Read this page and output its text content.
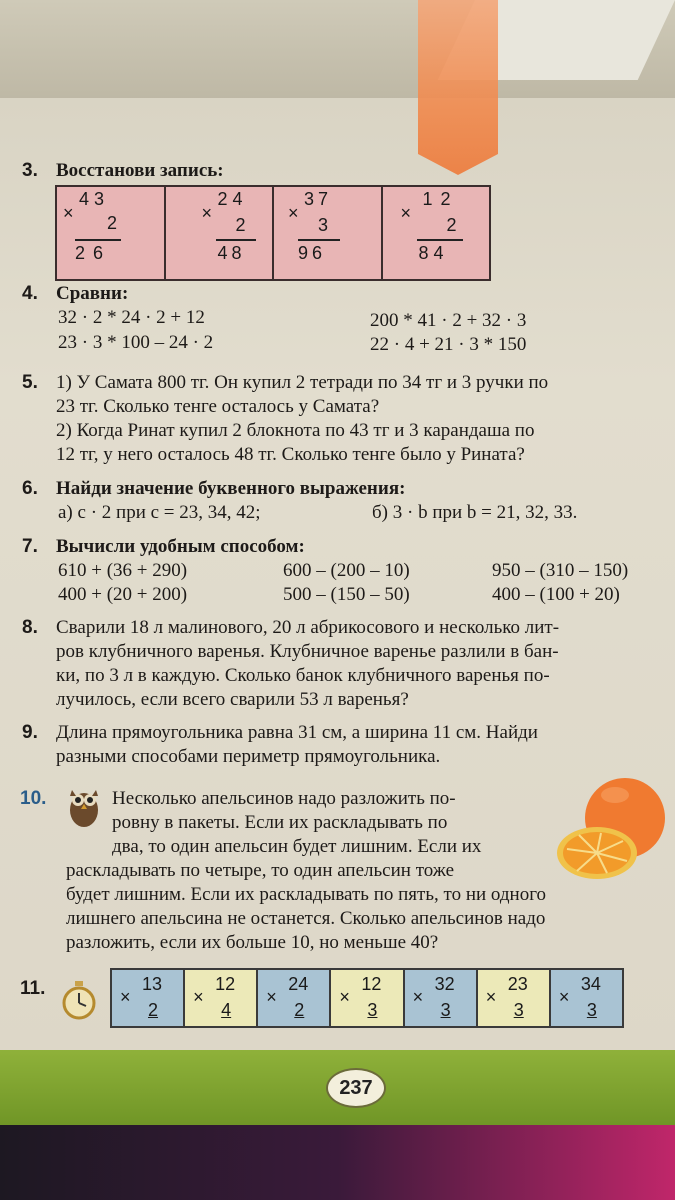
3. Восстанови запись:
×
4 3
2
2 6
×
2 4
2
4 8
×
3 7
3
9 6
×
1 2
2
8 4
4. Сравни:
32 · 2 * 24 · 2 + 12
23 · 3 * 100 – 24 · 2
200 * 41 · 2 + 32 · 3
22 · 4 + 21 · 3 * 150
5. 1) У Самата 800 тг. Он купил 2 тетради по 34 тг и 3 ручки по
23 тг. Сколько тенге осталось у Самата?
2) Когда Ринат купил 2 блокнота по 43 тг и 3 карандаша по
12 тг, у него осталось 48 тг. Сколько тенге было у Рината?
6. Найди значение буквенного выражения:
а) c · 2 при c = 23, 34, 42;	б) 3 · b при b = 21, 32, 33.
7. Вычисли удобным способом:
610 + (36 + 290)	600 – (200 – 10)	950 – (310 – 150)
400 + (20 + 200)	500 – (150 – 50)	400 – (100 + 20)
8. Сварили 18 л малинового, 20 л абрикосового и несколько лит-
ров клубничного варенья. Клубничное варенье разлили в бан-
ки, по 3 л в каждую. Сколько банок клубничного варенья по-
лучилось, если всего сварили 53 л варенья?
9. Длина прямоугольника равна 31 см, а ширина 11 см. Найди
разными способами периметр прямоугольника.
10.	Несколько апельсинов надо разложить по-
ровну в пакеты. Если их раскладывать по
два, то один апельсин будет лишним. Если их
раскладывать по четыре, то один апельсин тоже
будет лишним. Если их раскладывать по пять, то ни одного
лишнего апельсина не останется. Сколько апельсинов надо
разложить, если их больше 10, но меньше 40?
11.	×
13
2
×
12
4
×
24
2
×
12
3
×
32
3
×
23
3
×
34
3
237
